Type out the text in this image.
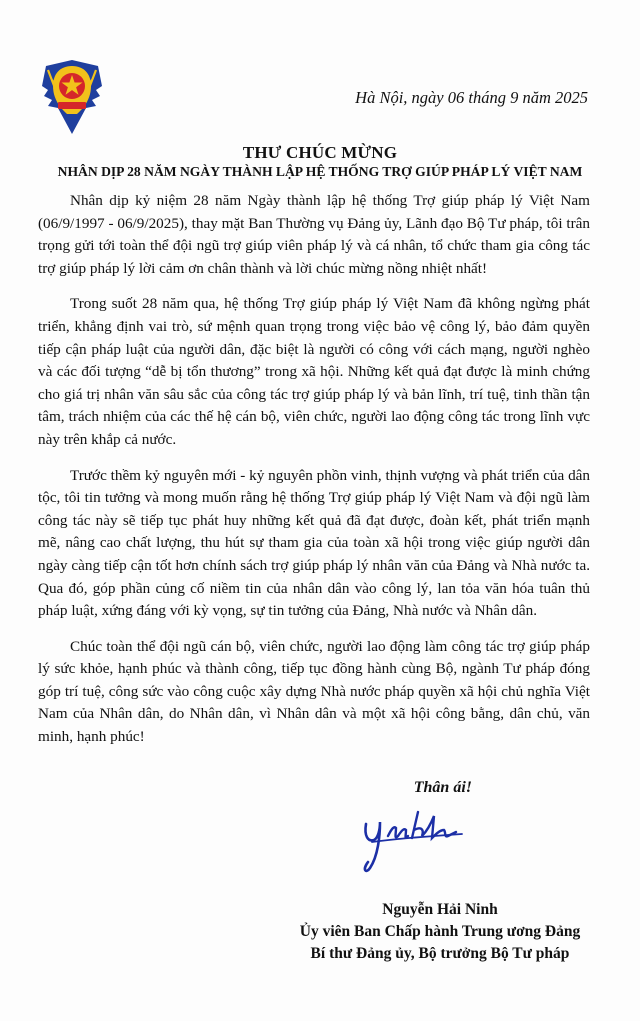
Hà Nội, ngày 06 tháng 9 năm 2025
THƯ CHÚC MỪNG
NHÂN DỊP 28 NĂM NGÀY THÀNH LẬP HỆ THỐNG TRỢ GIÚP PHÁP LÝ VIỆT NAM

Nhân dịp kỷ niệm 28 năm Ngày thành lập hệ thống Trợ giúp pháp lý Việt Nam (06/9/1997 - 06/9/2025), thay mặt Ban Thường vụ Đảng ủy, Lãnh đạo Bộ Tư pháp, tôi trân trọng gửi tới toàn thể đội ngũ trợ giúp viên pháp lý và cá nhân, tổ chức tham gia công tác trợ giúp pháp lý lời cảm ơn chân thành và lời chúc mừng nồng nhiệt nhất!

Trong suốt 28 năm qua, hệ thống Trợ giúp pháp lý Việt Nam đã không ngừng phát triển, khẳng định vai trò, sứ mệnh quan trọng trong việc bảo vệ công lý, bảo đảm quyền tiếp cận pháp luật của người dân, đặc biệt là người có công với cách mạng, người nghèo và các đối tượng “dễ bị tổn thương” trong xã hội. Những kết quả đạt được là minh chứng cho giá trị nhân văn sâu sắc của công tác trợ giúp pháp lý và bản lĩnh, trí tuệ, tinh thần tận tâm, trách nhiệm của các thế hệ cán bộ, viên chức, người lao động công tác trong lĩnh vực này trên khắp cả nước.

Trước thềm kỷ nguyên mới - kỷ nguyên phồn vinh, thịnh vượng và phát triển của dân tộc, tôi tin tưởng và mong muốn rằng hệ thống Trợ giúp pháp lý Việt Nam và đội ngũ làm công tác này sẽ tiếp tục phát huy những kết quả đã đạt được, đoàn kết, phát triển mạnh mẽ, nâng cao chất lượng, thu hút sự tham gia của toàn xã hội trong việc giúp người dân ngày càng tiếp cận tốt hơn chính sách trợ giúp pháp lý nhân văn của Đảng và Nhà nước ta. Qua đó, góp phần củng cố niềm tin của nhân dân vào công lý, lan tỏa văn hóa tuân thủ pháp luật, xứng đáng với kỳ vọng, sự tin tưởng của Đảng, Nhà nước và Nhân dân.

Chúc toàn thể đội ngũ cán bộ, viên chức, người lao động làm công tác trợ giúp pháp lý sức khỏe, hạnh phúc và thành công, tiếp tục đồng hành cùng Bộ, ngành Tư pháp đóng góp trí tuệ, công sức vào công cuộc xây dựng Nhà nước pháp quyền xã hội chủ nghĩa Việt Nam của Nhân dân, do Nhân dân, vì Nhân dân và một xã hội công bằng, dân chủ, văn minh, hạnh phúc!

Thân ái!
Nguyễn Hải Ninh
Ủy viên Ban Chấp hành Trung ương Đảng
Bí thư Đảng ủy, Bộ trưởng Bộ Tư pháp
